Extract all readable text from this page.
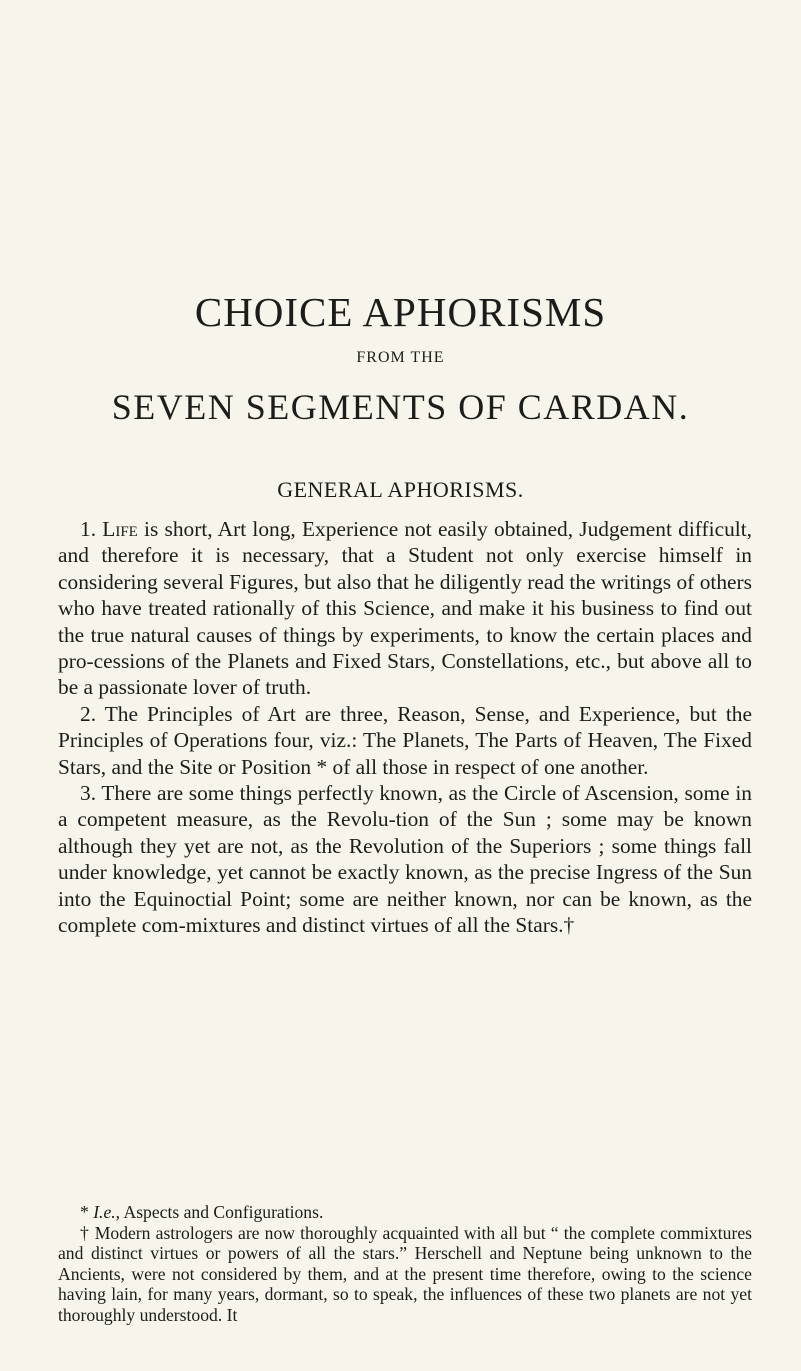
CHOICE APHORISMS
FROM THE
SEVEN SEGMENTS OF CARDAN.
GENERAL APHORISMS.

1. Life is short, Art long, Experience not easily obtained, Judgement difficult, and therefore it is necessary, that a Student not only exercise himself in considering several Figures, but also that he diligently read the writings of others who have treated rationally of this Science, and make it his business to find out the true natural causes of things by experiments, to know the certain places and pro-cessions of the Planets and Fixed Stars, Constellations, etc., but above all to be a passionate lover of truth.

2. The Principles of Art are three, Reason, Sense, and Experience, but the Principles of Operations four, viz.: The Planets, The Parts of Heaven, The Fixed Stars, and the Site or Position * of all those in respect of one another.

3. There are some things perfectly known, as the Circle of Ascension, some in a competent measure, as the Revolu-tion of the Sun ; some may be known although they yet are not, as the Revolution of the Superiors ; some things fall under knowledge, yet cannot be exactly known, as the precise Ingress of the Sun into the Equinoctial Point; some are neither known, nor can be known, as the complete com-mixtures and distinct virtues of all the Stars.†

* I.e., Aspects and Configurations.

† Modern astrologers are now thoroughly acquainted with all but “ the complete commixtures and distinct virtues or powers of all the stars.” Herschell and Neptune being unknown to the Ancients, were not considered by them, and at the present time therefore, owing to the science having lain, for many years, dormant, so to speak, the influences of these two planets are not yet thoroughly understood. It
